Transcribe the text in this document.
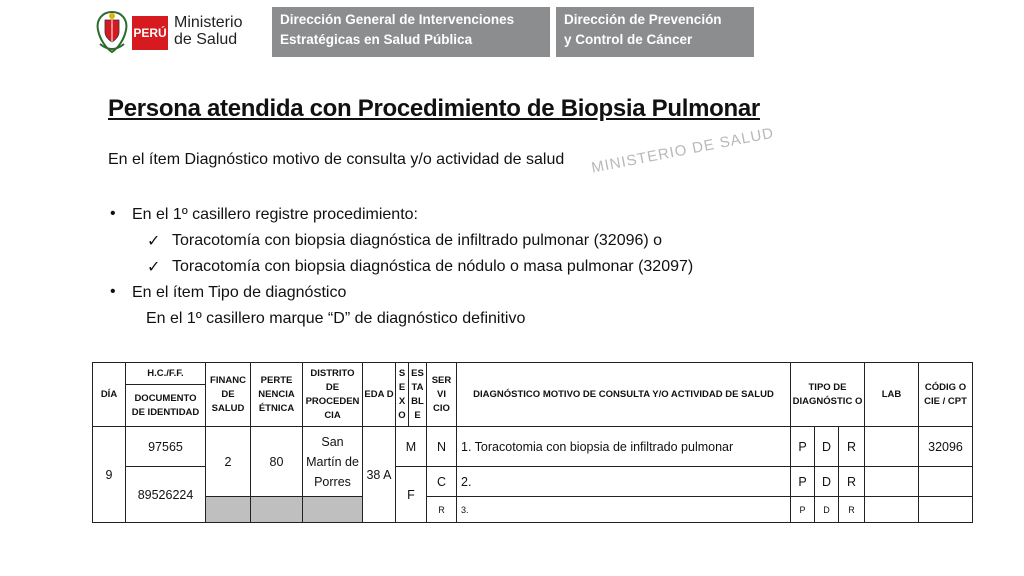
PERÚ
Ministerio
de Salud
Dirección General de Intervenciones
Estratégicas en Salud Pública
Dirección de Prevención
y Control de Cáncer
Persona atendida con Procedimiento de Biopsia Pulmonar
MINISTERIO DE SALUD
En el ítem Diagnóstico motivo de consulta y/o actividad de salud
• En el 1º casillero registre procedimiento:
✓ Toracotomía con biopsia diagnóstica de infiltrado pulmonar (32096) o
✓ Toracotomía con biopsia diagnóstica de nódulo o masa pulmonar (32097)
• En el ítem Tipo de diagnóstico
En el 1º casillero marque “D” de diagnóstico definitivo
DÍA	H.C./F.F.	FINANC DE SALUD	PERTE NENCIA ÉTNICA	DISTRITO DE PROCEDEN CIA	EDA D	S E X O	ES TA BL E	SER VI CIO	DIAGNÓSTICO MOTIVO DE CONSULTA Y/O ACTIVIDAD DE SALUD	TIPO DE DIAGNÓSTIC O			LAB	CÓDIG O CIE / CPT
	DOCUMENTO DE IDENTIDAD													
9	97565	2	80	San Martín de Porres	38 A	M		N	1. Toracotomia con biopsia de infiltrado pulmonar	P	D	R		32096
	89526224					F		C	2.	P	D	R		
								R	3.	P	D	R		
